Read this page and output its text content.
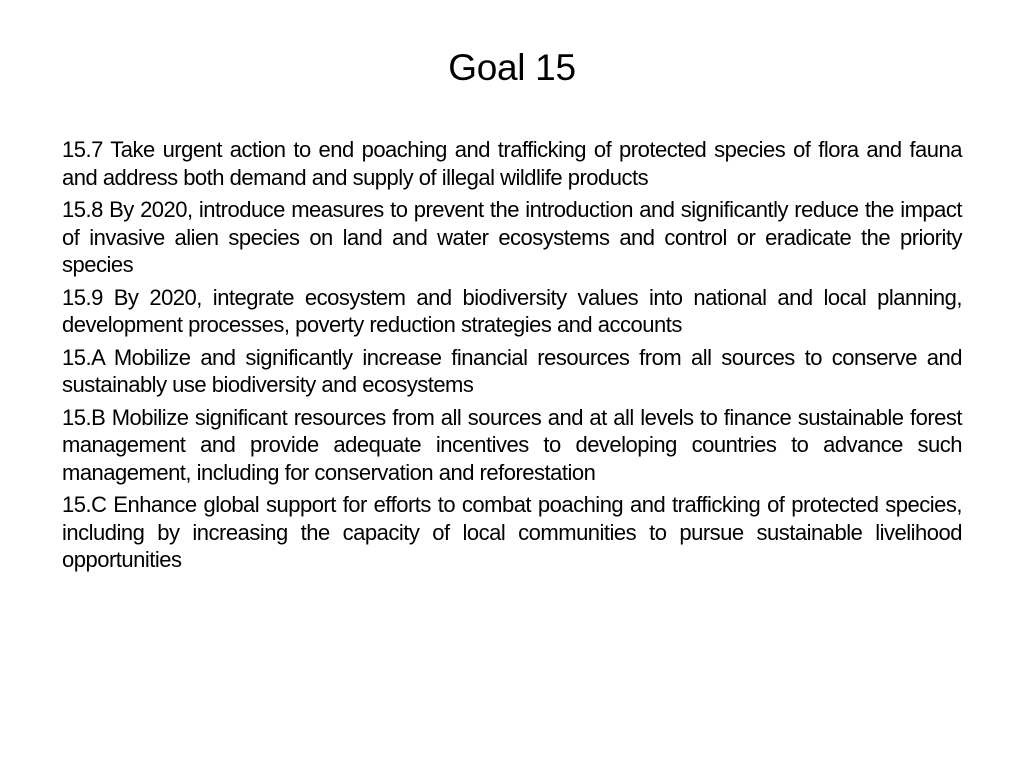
Goal 15
15.7 Take urgent action to end poaching and trafficking of protected species of flora and fauna and address both demand and supply of illegal wildlife products
15.8 By 2020, introduce measures to prevent the introduction and significantly reduce the impact of invasive alien species on land and water ecosystems and control or eradicate the priority species
15.9 By 2020, integrate ecosystem and biodiversity values into national and local planning, development processes, poverty reduction strategies and accounts
15.A Mobilize and significantly increase financial resources from all sources to conserve and sustainably use biodiversity and ecosystems
15.B Mobilize significant resources from all sources and at all levels to finance sustainable forest management and provide adequate incentives to developing countries to advance such management, including for conservation and reforestation
15.C Enhance global support for efforts to combat poaching and trafficking of protected species, including by increasing the capacity of local communities to pursue sustainable livelihood opportunities
